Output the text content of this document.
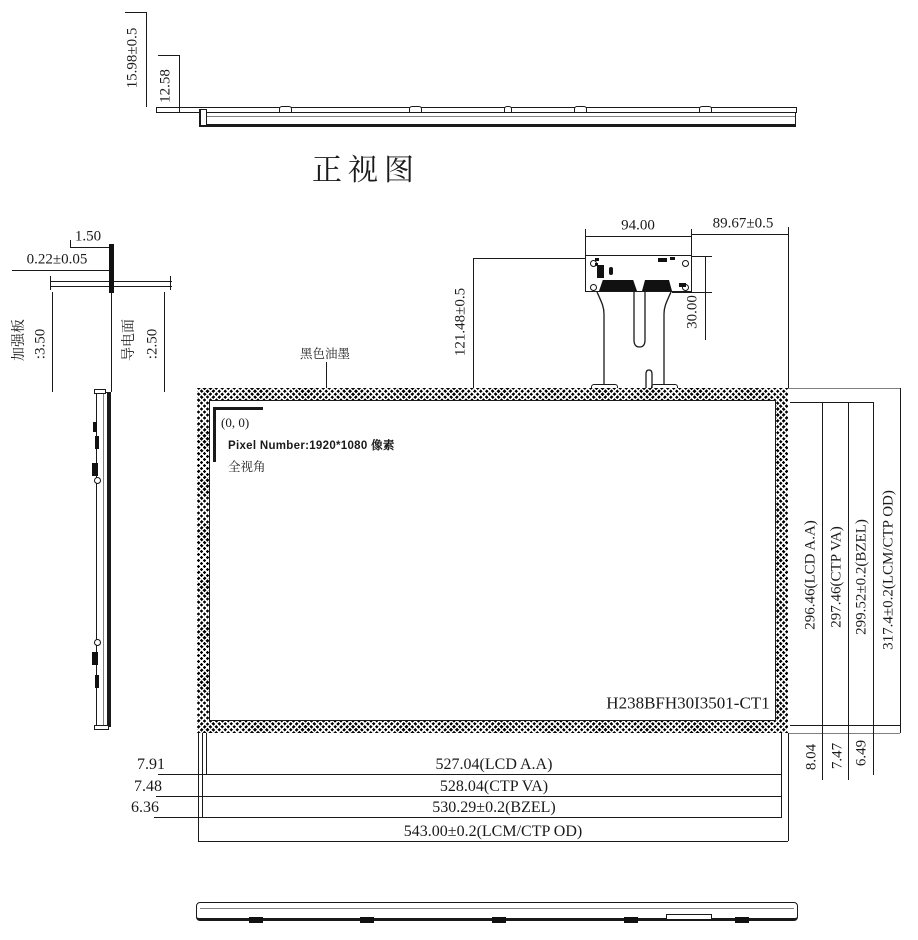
15.98±0.5 12.58
正视图
1.50
0.22±0.05
加强板 :3.50	导电面 :2.50
94.00	89.67±0.5
30.00
121.48±0.5
黑色油墨
(0, 0)
Pixel Number:1920*1080 像素
全视角
H238BFH30I3501-CT1
296.46(LCD A.A) 297.46(CTP VA) 299.52±0.2(BZEL) 317.4±0.2(LCM/CTP OD)
8.04 7.47 6.49
7.91
7.48
6.36
527.04(LCD A.A)
528.04(CTP VA)
530.29±0.2(BZEL)
543.00±0.2(LCM/CTP OD)
